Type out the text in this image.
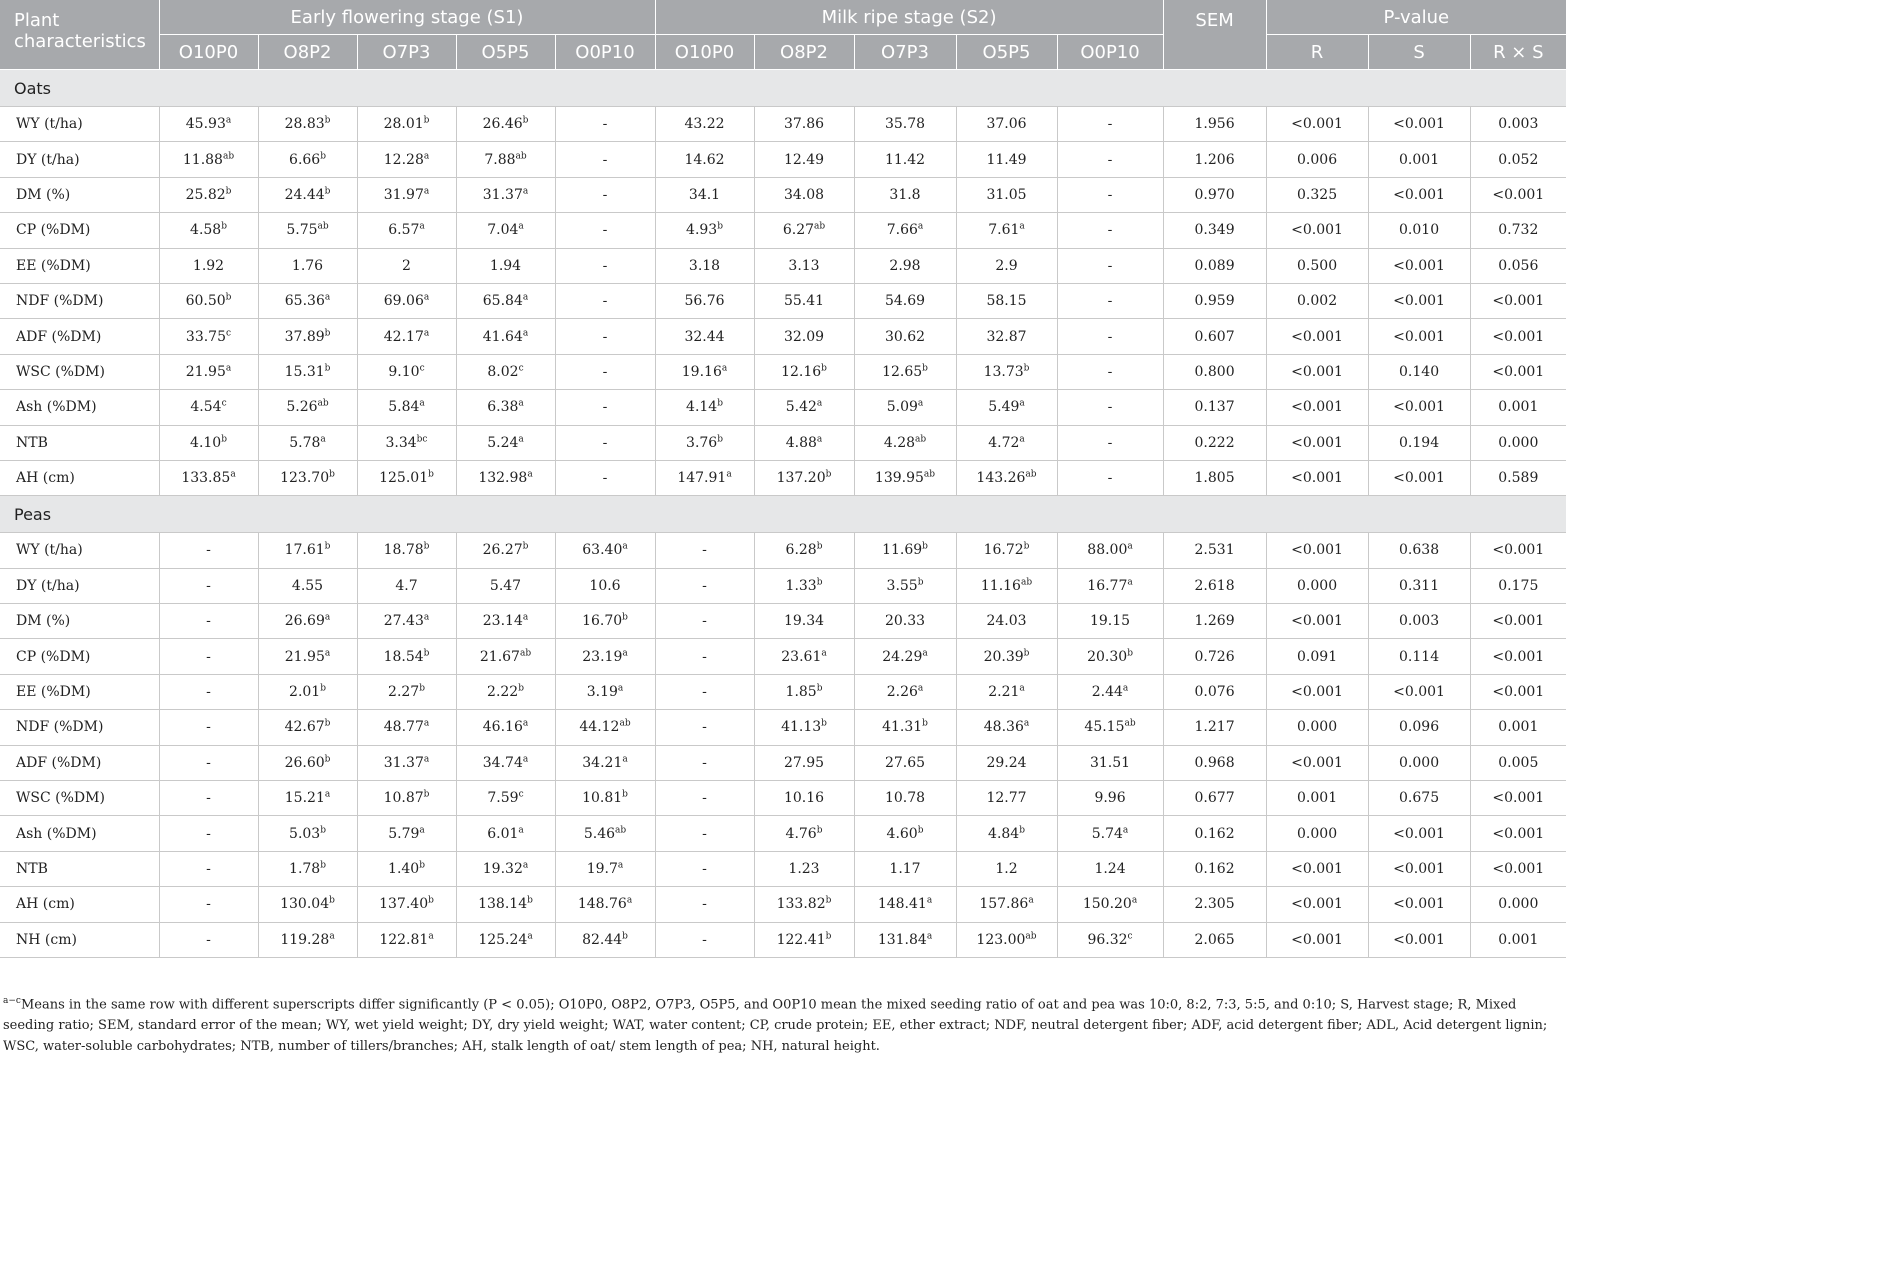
Plant characteristics	Early flowering stage (S1)					Milk ripe stage (S2)					SEM	P-value		
	O10P0	O8P2	O7P3	O5P5	O0P10	O10P0	O8P2	O7P3	O5P5	O0P10		R	S	R × S
Oats														
WY (t/ha)	45.93$^a$	28.83$^b$	28.01$^b$	26.46$^b$	-	43.22	37.86	35.78	37.06	-	1.956	<0.001	<0.001	0.003
DY (t/ha)	11.88$^{ab}$	6.66$^b$	12.28$^a$	7.88$^{ab}$	-	14.62	12.49	11.42	11.49	-	1.206	0.006	0.001	0.052
DM (%)	25.82$^b$	24.44$^b$	31.97$^a$	31.37$^a$	-	34.1	34.08	31.8	31.05	-	0.970	0.325	<0.001	<0.001
CP (%DM)	4.58$^b$	5.75$^{ab}$	6.57$^a$	7.04$^a$	-	4.93$^b$	6.27$^{ab}$	7.66$^a$	7.61$^a$	-	0.349	<0.001	0.010	0.732
EE (%DM)	1.92	1.76	2	1.94	-	3.18	3.13	2.98	2.9	-	0.089	0.500	<0.001	0.056
NDF (%DM)	60.50$^b$	65.36$^a$	69.06$^a$	65.84$^a$	-	56.76	55.41	54.69	58.15	-	0.959	0.002	<0.001	<0.001
ADF (%DM)	33.75$^c$	37.89$^b$	42.17$^a$	41.64$^a$	-	32.44	32.09	30.62	32.87	-	0.607	<0.001	<0.001	<0.001
WSC (%DM)	21.95$^a$	15.31$^b$	9.10$^c$	8.02$^c$	-	19.16$^a$	12.16$^b$	12.65$^b$	13.73$^b$	-	0.800	<0.001	0.140	<0.001
Ash (%DM)	4.54$^c$	5.26$^{ab}$	5.84$^a$	6.38$^a$	-	4.14$^b$	5.42$^a$	5.09$^a$	5.49$^a$	-	0.137	<0.001	<0.001	0.001
NTB	4.10$^b$	5.78$^a$	3.34$^{bc}$	5.24$^a$	-	3.76$^b$	4.88$^a$	4.28$^{ab}$	4.72$^a$	-	0.222	<0.001	0.194	0.000
AH (cm)	133.85$^a$	123.70$^b$	125.01$^b$	132.98$^a$	-	147.91$^a$	137.20$^b$	139.95$^{ab}$	143.26$^{ab}$	-	1.805	<0.001	<0.001	0.589
Peas														
WY (t/ha)	-	17.61$^b$	18.78$^b$	26.27$^b$	63.40$^a$	-	6.28$^b$	11.69$^b$	16.72$^b$	88.00$^a$	2.531	<0.001	0.638	<0.001
DY (t/ha)	-	4.55	4.7	5.47	10.6	-	1.33$^b$	3.55$^b$	11.16$^{ab}$	16.77$^a$	2.618	0.000	0.311	0.175
DM (%)	-	26.69$^a$	27.43$^a$	23.14$^a$	16.70$^b$	-	19.34	20.33	24.03	19.15	1.269	<0.001	0.003	<0.001
CP (%DM)	-	21.95$^a$	18.54$^b$	21.67$^{ab}$	23.19$^a$	-	23.61$^a$	24.29$^a$	20.39$^b$	20.30$^b$	0.726	0.091	0.114	<0.001
EE (%DM)	-	2.01$^b$	2.27$^b$	2.22$^b$	3.19$^a$	-	1.85$^b$	2.26$^a$	2.21$^a$	2.44$^a$	0.076	<0.001	<0.001	<0.001
NDF (%DM)	-	42.67$^b$	48.77$^a$	46.16$^a$	44.12$^{ab}$	-	41.13$^b$	41.31$^b$	48.36$^a$	45.15$^{ab}$	1.217	0.000	0.096	0.001
ADF (%DM)	-	26.60$^b$	31.37$^a$	34.74$^a$	34.21$^a$	-	27.95	27.65	29.24	31.51	0.968	<0.001	0.000	0.005
WSC (%DM)	-	15.21$^a$	10.87$^b$	7.59$^c$	10.81$^b$	-	10.16	10.78	12.77	9.96	0.677	0.001	0.675	<0.001
Ash (%DM)	-	5.03$^b$	5.79$^a$	6.01$^a$	5.46$^{ab}$	-	4.76$^b$	4.60$^b$	4.84$^b$	5.74$^a$	0.162	0.000	<0.001	<0.001
NTB	-	1.78$^b$	1.40$^b$	19.32$^a$	19.7$^a$	-	1.23	1.17	1.2	1.24	0.162	<0.001	<0.001	<0.001
AH (cm)	-	130.04$^b$	137.40$^b$	138.14$^b$	148.76$^a$	-	133.82$^b$	148.41$^a$	157.86$^a$	150.20$^a$	2.305	<0.001	<0.001	0.000
NH (cm)	-	119.28$^a$	122.81$^a$	125.24$^a$	82.44$^b$	-	122.41$^b$	131.84$^a$	123.00$^{ab}$	96.32$^c$	2.065	<0.001	<0.001	0.001
$^{a-c}$Means in the same row with different superscripts differ significantly (P < 0.05); O10P0, O8P2, O7P3, O5P5, and O0P10 mean the mixed seeding ratio of oat and pea was 10:0, 8:2, 7:3, 5:5, and 0:10; S, Harvest stage; R, Mixed seeding ratio; SEM, standard error of the mean; WY, wet yield weight; DY, dry yield weight; WAT, water content; CP, crude protein; EE, ether extract; NDF, neutral detergent fiber; ADF, acid detergent fiber; ADL, Acid detergent lignin; WSC, water-soluble carbohydrates; NTB, number of tillers/branches; AH, stalk length of oat/ stem length of pea; NH, natural height.
